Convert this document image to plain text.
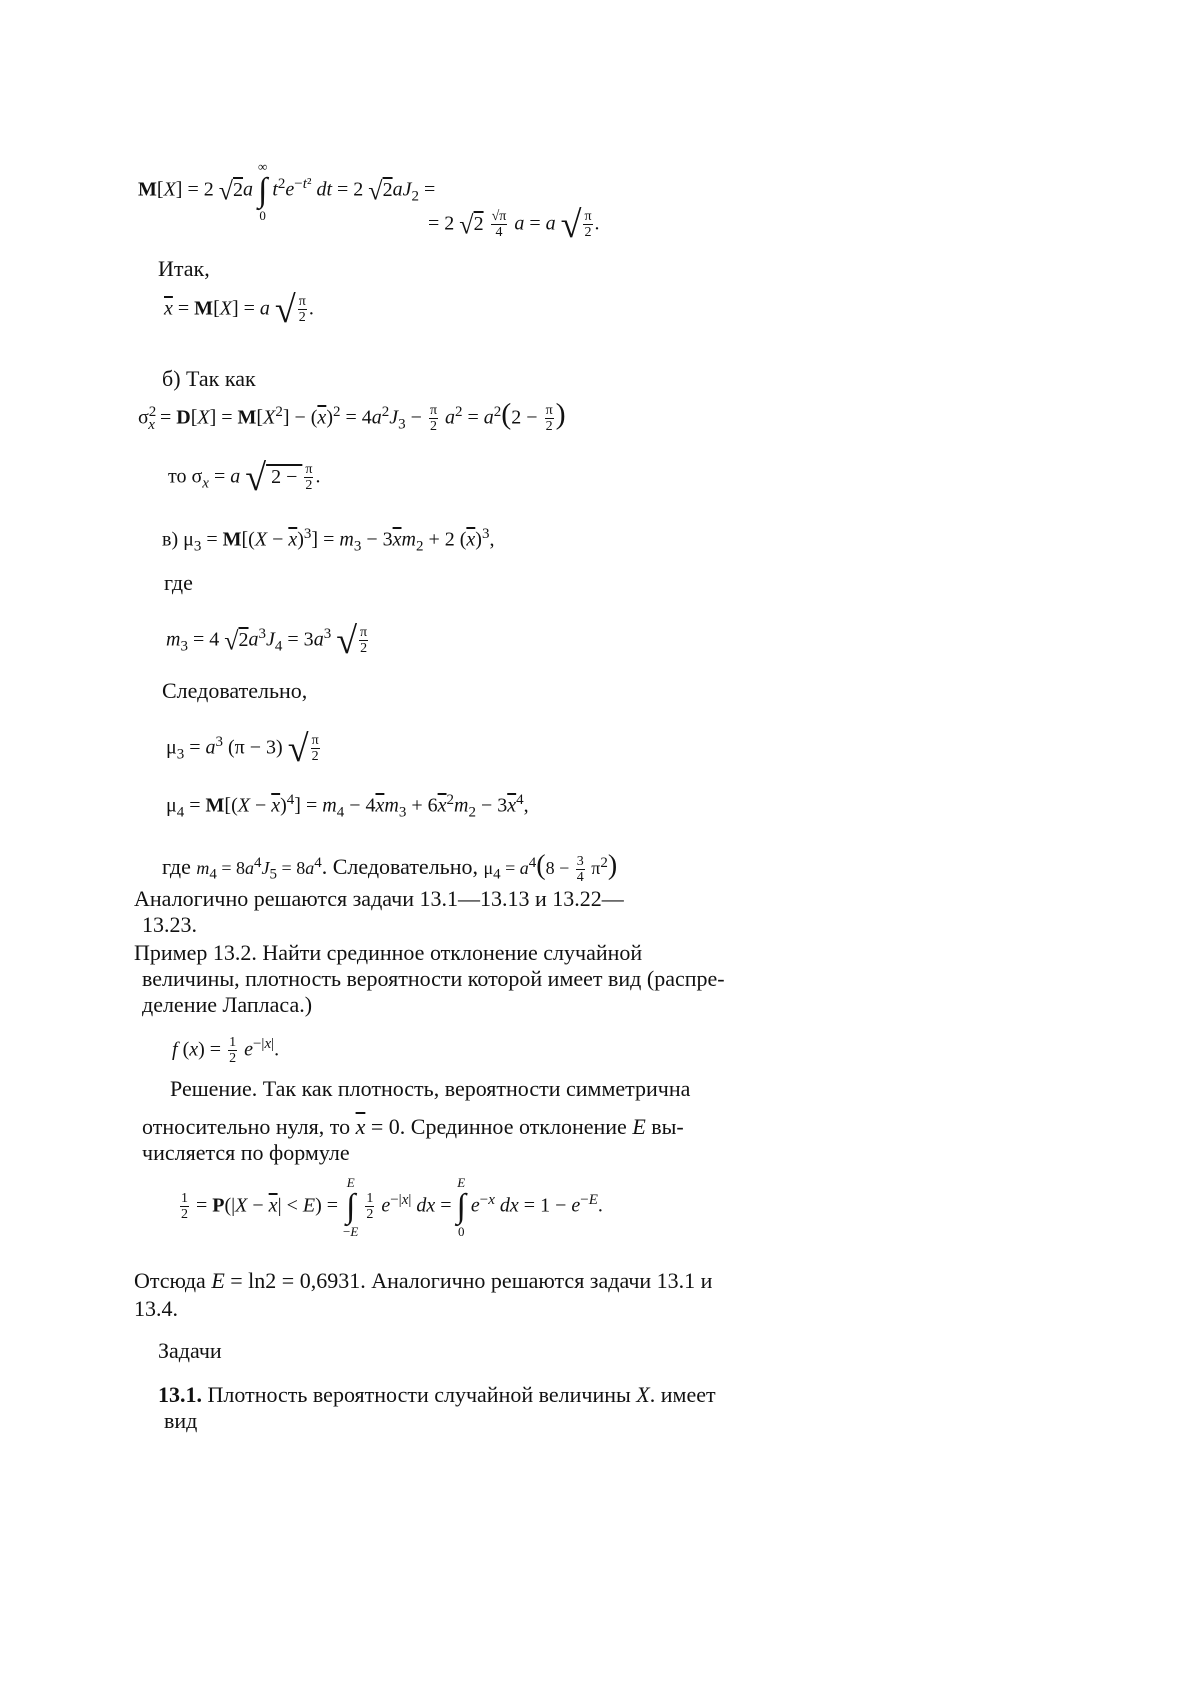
M[X] = 2 √2a
∞
∫
0
$t^2e^{-t^2}$ dt = 2 $√2aJ_2$ =
= 2 $√2 \frac{√\pi}{4}$ a = a √ $\frac{\pi}{2}$ .
Итак,
$\overline{x} = M[X] = a$ √ $\frac{\pi}{2}$ .
б) Так как
$\sigma^2_x = D[X] = M[X^2] - (\overline{x})^2 = 4a^2J_3 - \frac{\pi}{2} a^2 = a^2(2 - \frac{\pi}{2}$ )
то $\sigma_x = a$ √ $2 - \frac{\pi}{2}$ .
в) $\mu_3 = M[(X - \overline{x})^3] = m_3 - 3\overline{x}m_2 + 2$ $(\overline{x})^3$,
где
$m_3 = 4$ $√2a^3J_4 = 3a^3$ √ $\frac{\pi}{2}$
Следовательно,
$\mu_3 = a^3$ (π − 3) √ $\frac{\pi}{2}$
$\mu_4 = M[(X - \overline{x})^4] = m_4 - 4\overline{x}m_3 + 6\overline{x}^2m_2 - 3\overline{x}^4$,
где $m_4 = 8a^4J_5 = 8a^4$. Следовательно, $\mu_4 = a^4(8 - \frac{3}{4} \pi^2)$
Аналогично решаются задачи 13.1—13.13 и 13.22—
13.23.
Пример 13.2. Найти срединное отклонение случайной
величины, плотность вероятности которой имеет вид (распре-
деление Лапласа.)
f $(x) = \frac{1}{2} e^{-|x|}$.
Решение. Так как плотность, вероятности симметрична
относительно нуля, то $\overline{x} = 0$. Срединное отклонение E вы-
числяется по формуле
$\frac{1}{2} = P(|X - \overline{x}| < E)$ =
E
∫
−E

$\frac{1}{2} e^{-|x|}$ dx =
E
∫
0
$e^{-x}$ dx = $1 - e^{-E}$.
Отсюда E = ln2 = 0,6931. Аналогично решаются задачи 13.1 и
13.4.
Задачи
13.1. Плотность вероятности случайной величины X. имеет
вид
